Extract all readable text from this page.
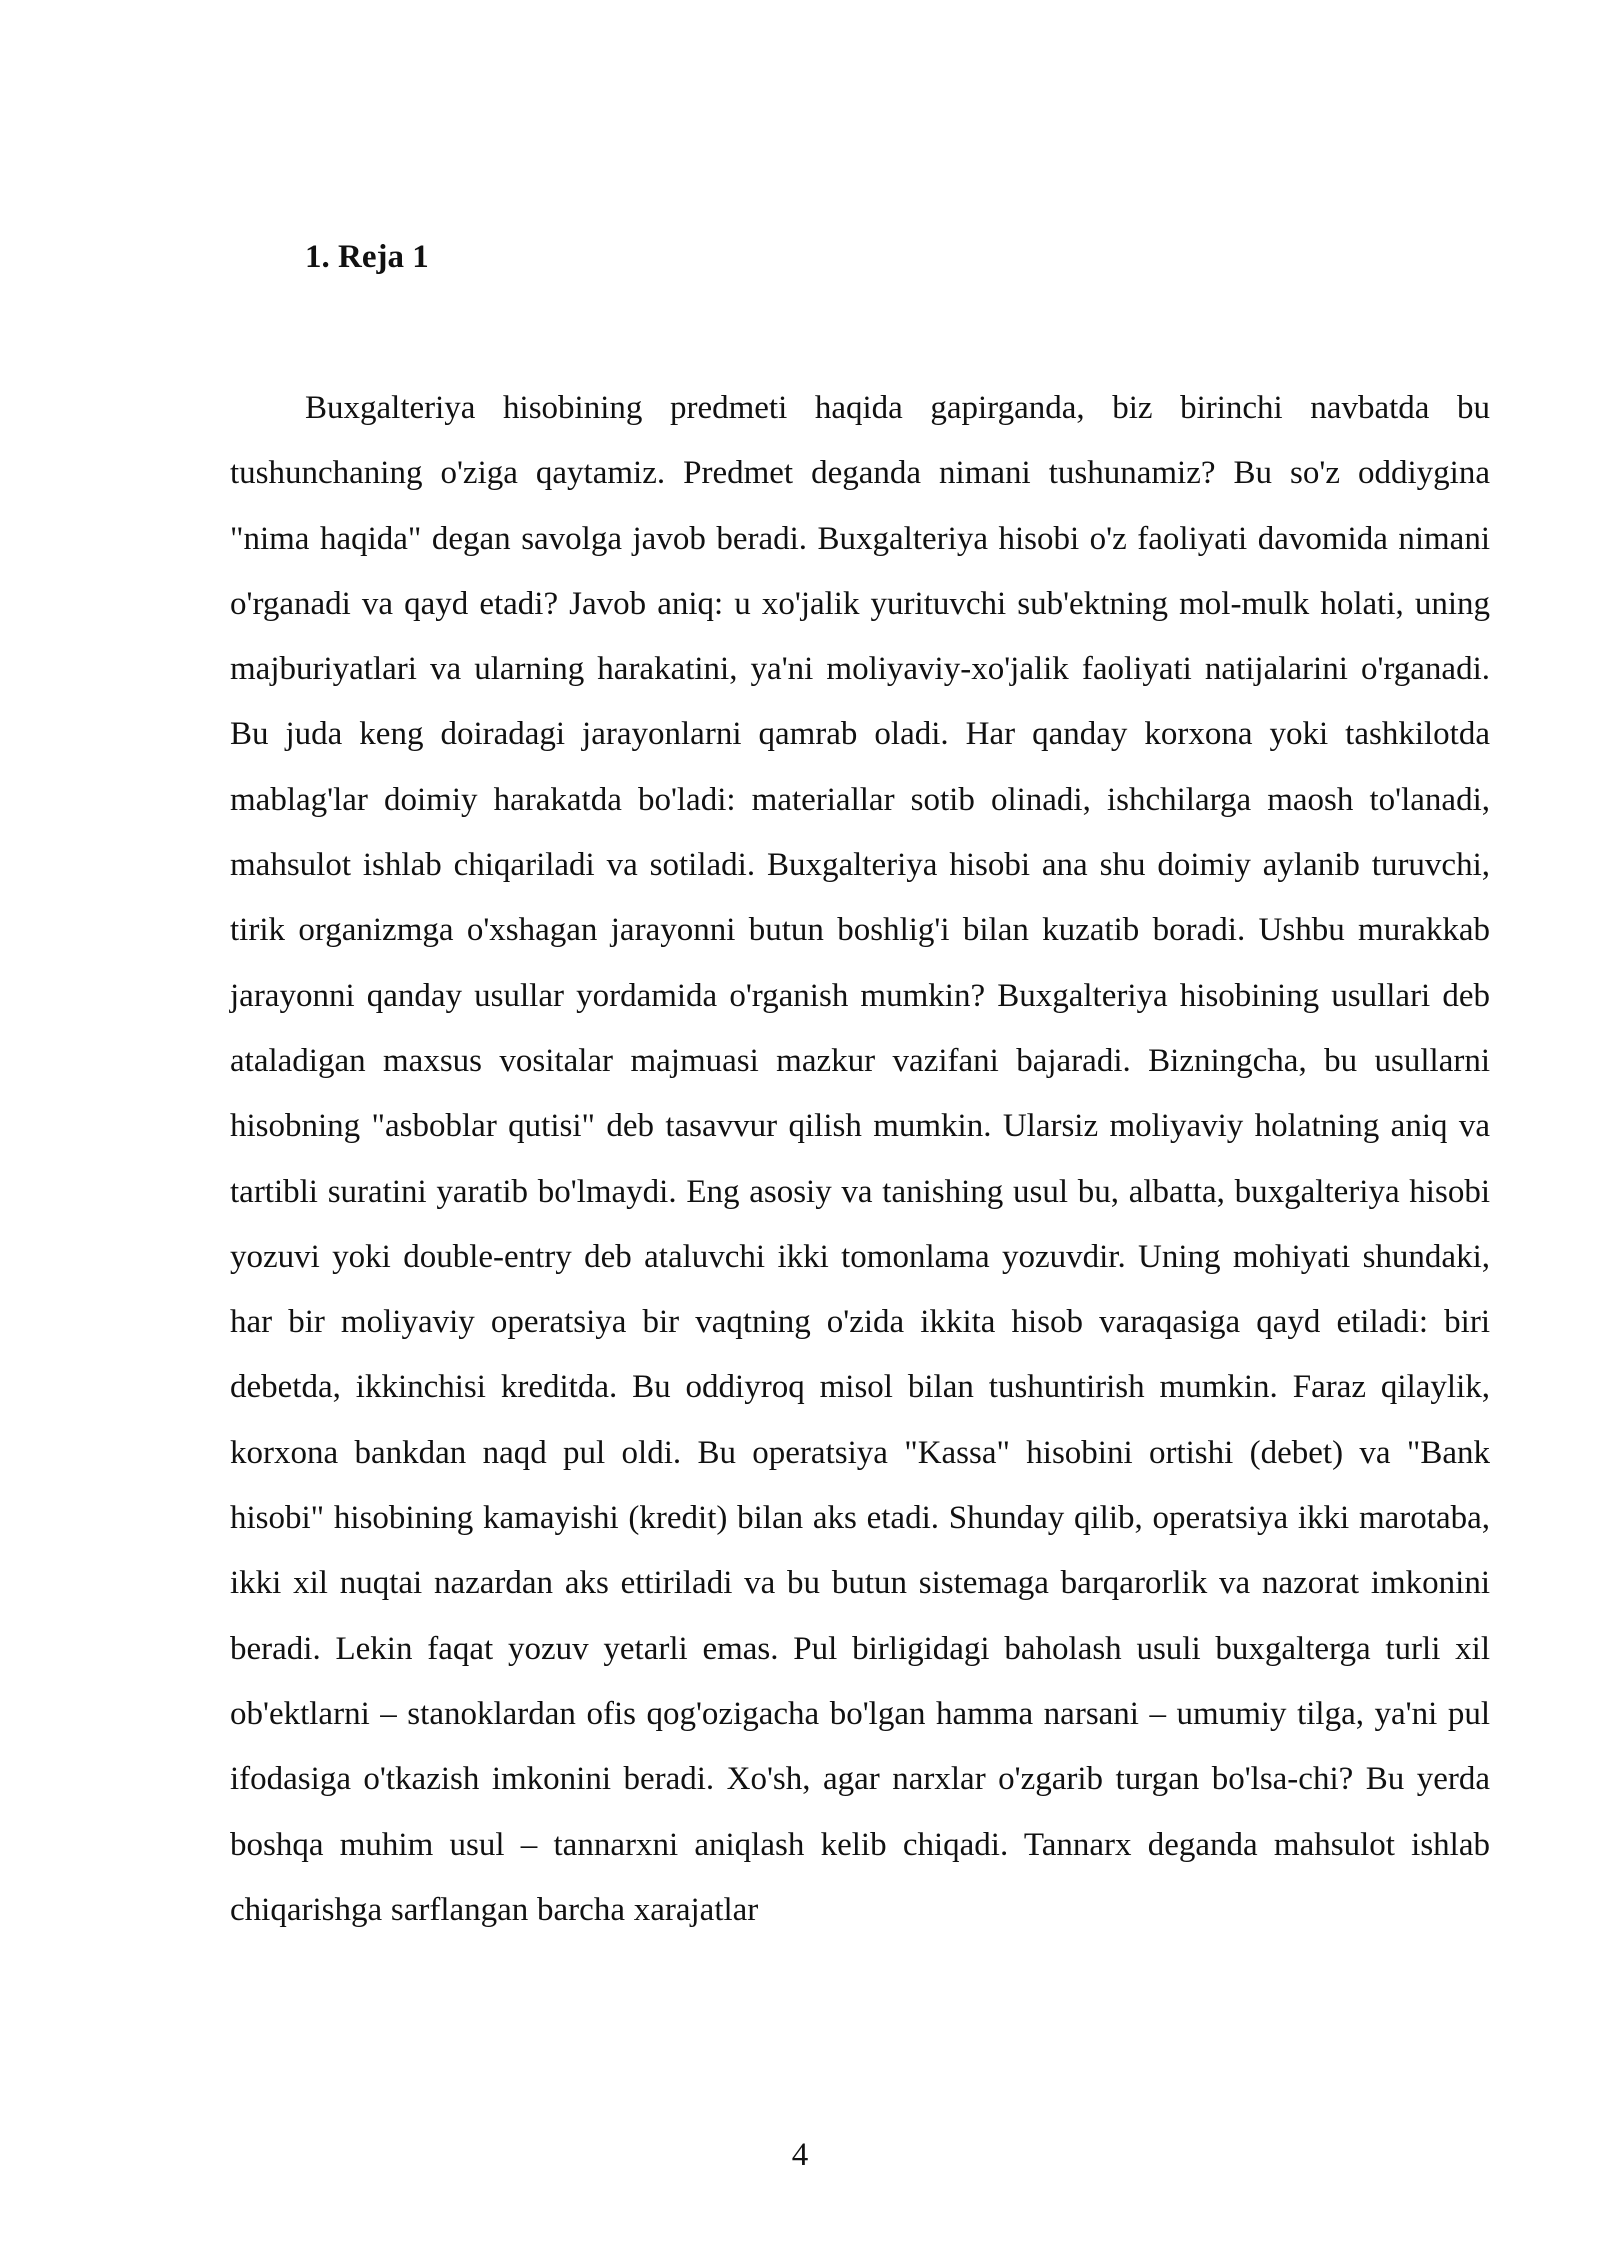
1. Reja 1

Buxgalteriya hisobining predmeti haqida gapirganda, biz birinchi navbatda bu tushunchaning o'ziga qaytamiz. Predmet deganda nimani tushunamiz? Bu so'z oddiygina "nima haqida" degan savolga javob beradi. Buxgalteriya hisobi o'z faoliyati davomida nimani o'rganadi va qayd etadi? Javob aniq: u xo'jalik yurituvchi sub'ektning mol-mulk holati, uning majburiyatlari va ularning harakatini, ya'ni moliyaviy-xo'jalik faoliyati natijalarini o'rganadi. Bu juda keng doiradagi jarayonlarni qamrab oladi. Har qanday korxona yoki tashkilotda mablag'lar doimiy harakatda bo'ladi: materiallar sotib olinadi, ishchilarga maosh to'lanadi, mahsulot ishlab chiqariladi va sotiladi. Buxgalteriya hisobi ana shu doimiy aylanib turuvchi, tirik organizmga o'xshagan jarayonni butun boshlig'i bilan kuzatib boradi. Ushbu murakkab jarayonni qanday usullar yordamida o'rganish mumkin? Buxgalteriya hisobining usullari deb ataladigan maxsus vositalar majmuasi mazkur vazifani bajaradi. Bizningcha, bu usullarni hisobning "asboblar qutisi" deb tasavvur qilish mumkin. Ularsiz moliyaviy holatning aniq va tartibli suratini yaratib bo'lmaydi. Eng asosiy va tanishing usul bu, albatta, buxgalteriya hisobi yozuvi yoki double-entry deb ataluvchi ikki tomonlama yozuvdir. Uning mohiyati shundaki, har bir moliyaviy operatsiya bir vaqtning o'zida ikkita hisob varaqasiga qayd etiladi: biri debetda, ikkinchisi kreditda. Bu oddiyroq misol bilan tushuntirish mumkin. Faraz qilaylik, korxona bankdan naqd pul oldi. Bu operatsiya "Kassa" hisobini ortishi (debet) va "Bank hisobi" hisobining kamayishi (kredit) bilan aks etadi. Shunday qilib, operatsiya ikki marotaba, ikki xil nuqtai nazardan aks ettiriladi va bu butun sistemaga barqarorlik va nazorat imkonini beradi. Lekin faqat yozuv yetarli emas. Pul birligidagi baholash usuli buxgalterga turli xil ob'ektlarni – stanoklardan ofis qog'ozigacha bo'lgan hamma narsani – umumiy tilga, ya'ni pul ifodasiga o'tkazish imkonini beradi. Xo'sh, agar narxlar o'zgarib turgan bo'lsa-chi? Bu yerda boshqa muhim usul – tannarxni aniqlash kelib chiqadi. Tannarx deganda mahsulot ishlab chiqarishga sarflangan barcha xarajatlar

4
